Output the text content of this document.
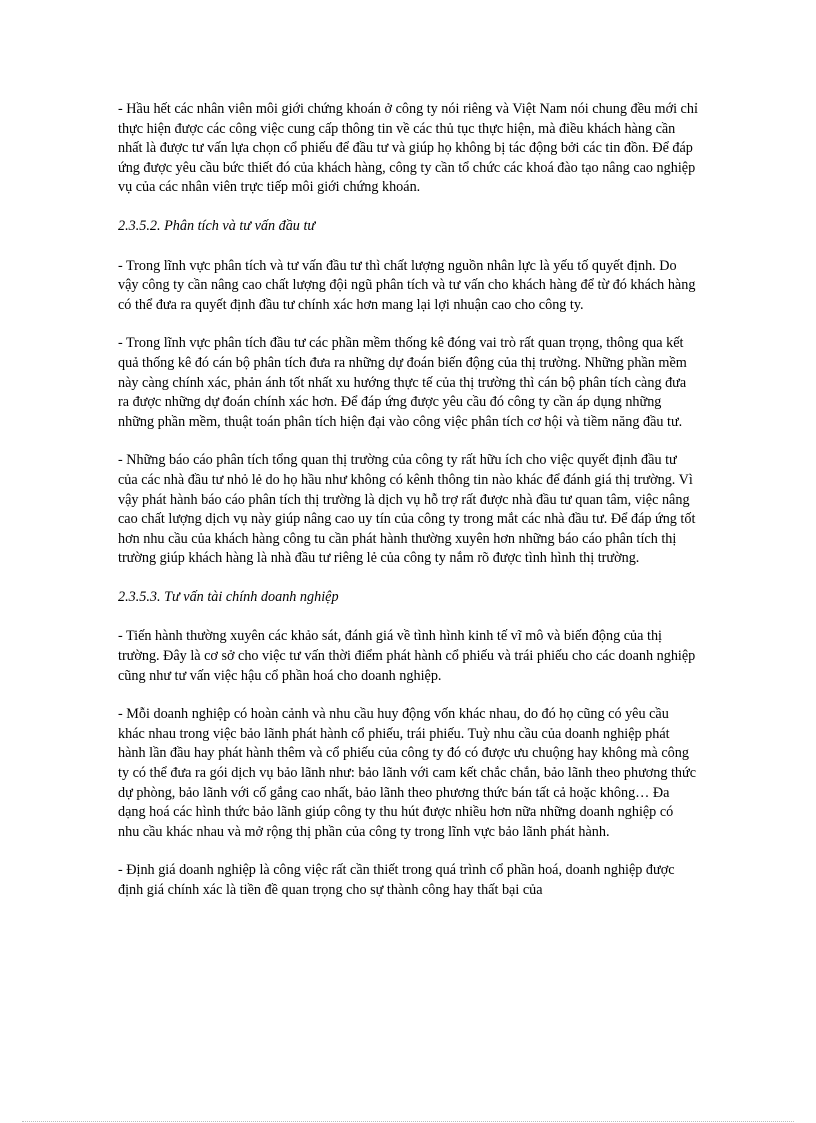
- Hầu hết các nhân viên môi giới chứng khoán ở công ty nói riêng và Việt Nam nói chung đều mới chỉ thực hiện được các công việc cung cấp thông tin về các thủ tục thực hiện, mà điều khách hàng cần nhất là được tư vấn lựa chọn cổ phiếu để đầu tư và giúp họ không bị tác động bởi các tin đồn. Để đáp ứng được yêu cầu bức thiết đó của khách hàng, công ty cần tổ chức các khoá đào tạo nâng cao nghiệp vụ của các nhân viên trực tiếp môi giới chứng khoán.

2.3.5.2. Phân tích và tư vấn đầu tư

- Trong lĩnh vực phân tích và tư vấn đầu tư thì chất lượng nguồn nhân lực là yếu tố quyết định. Do vậy công ty cần nâng cao chất lượng đội ngũ phân tích và tư vấn cho khách hàng để từ đó khách hàng có thể đưa ra quyết định đầu tư chính xác hơn mang lại lợi nhuận cao cho công ty.

- Trong lĩnh vực phân tích đầu tư các phần mềm thống kê đóng vai trò rất quan trọng, thông qua kết quả thống kê đó cán bộ phân tích đưa ra những dự đoán biến động của thị trường. Những phần mềm này càng chính xác, phản ánh tốt nhất xu hướng thực tế của thị trường thì cán bộ phân tích càng đưa ra được những dự đoán chính xác hơn. Để đáp ứng được yêu cầu đó công ty cần áp dụng những những phần mềm, thuật toán phân tích hiện đại vào công việc phân tích cơ hội và tiềm năng đầu tư.

- Những báo cáo phân tích tổng quan thị trường của công ty rất hữu ích cho việc quyết định đầu tư của các nhà đầu tư nhỏ lẻ do họ hầu như không có kênh thông tin nào khác để đánh giá thị trường. Vì vậy phát hành báo cáo phân tích thị trường là dịch vụ hỗ trợ rất được nhà đầu tư quan tâm, việc nâng cao chất lượng dịch vụ này giúp nâng cao uy tín của công ty trong mắt các nhà đầu tư. Để đáp ứng tốt hơn nhu cầu của khách hàng công tu cần phát hành thường xuyên hơn những báo cáo phân tích thị trường giúp khách hàng là nhà đầu tư riêng lẻ của công ty nắm rõ được tình hình thị trường.

2.3.5.3. Tư vấn tài chính doanh nghiệp

- Tiến hành thường xuyên các khảo sát, đánh giá về tình hình kinh tế vĩ mô và biến động của thị trường. Đây là cơ sở cho việc tư vấn thời điểm phát hành cổ phiếu và trái phiếu cho các doanh nghiệp cũng như tư vấn việc hậu cổ phần hoá cho doanh nghiệp.

- Mỗi doanh nghiệp có hoàn cảnh và nhu cầu huy động vốn khác nhau, do đó họ cũng có yêu cầu khác nhau trong việc bảo lãnh phát hành cổ phiếu, trái phiếu. Tuỳ nhu cầu của doanh nghiệp phát hành lần đầu hay phát hành thêm và cổ phiếu của công ty đó có được ưu chuộng hay không mà công ty có thể đưa ra gói dịch vụ bảo lãnh như: bảo lãnh với cam kết chắc chắn, bảo lãnh theo phương thức dự phòng, bảo lãnh với cố gắng cao nhất, bảo lãnh theo phương thức bán tất cả hoặc không… Đa dạng hoá các hình thức bảo lãnh giúp công ty thu hút được nhiều hơn nữa những doanh nghiệp có nhu cầu khác nhau và mở rộng thị phần của công ty trong lĩnh vực bảo lãnh phát hành.

- Định giá doanh nghiệp là công việc rất cần thiết trong quá trình cổ phần hoá, doanh nghiệp được định giá chính xác là tiền đề quan trọng cho sự thành công hay thất bại của
